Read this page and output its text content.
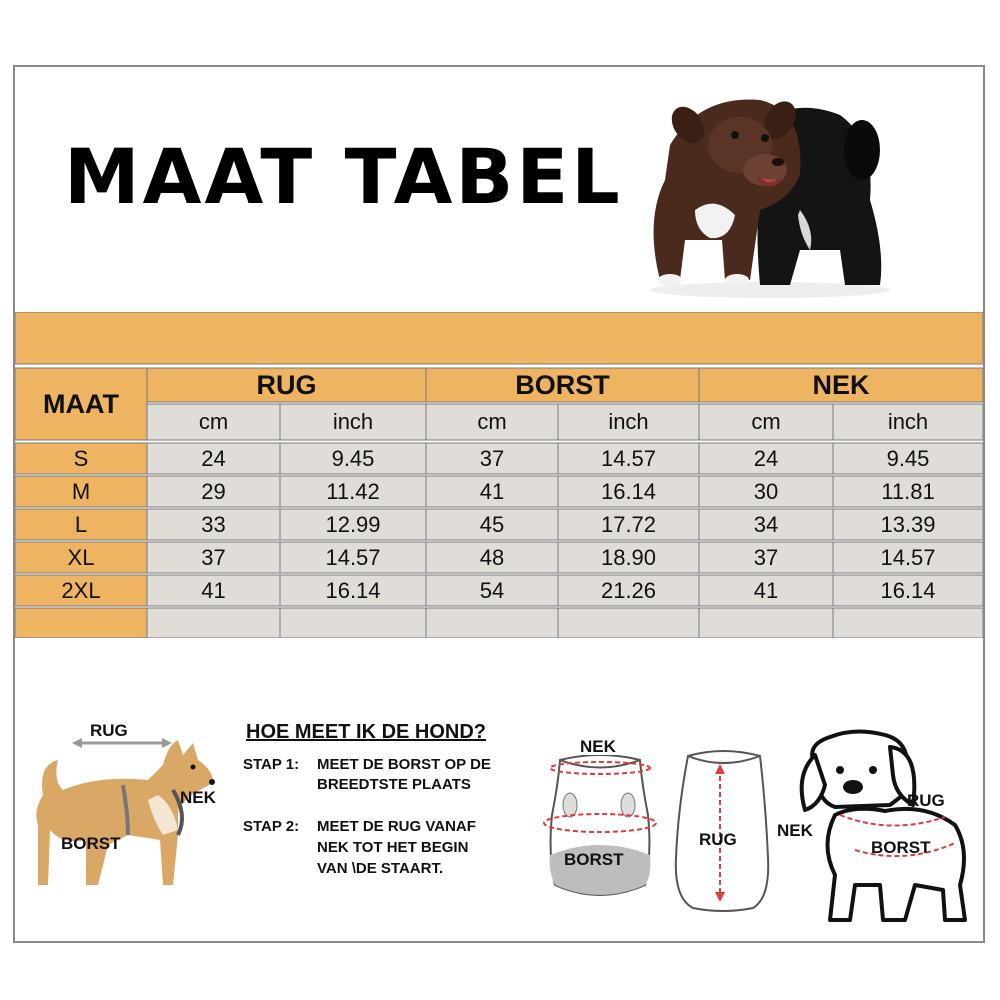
MAAT TABEL
MAAT
RUG	BORST	NEK
cm	inch	cm	inch	cm	inch
S	24	9.45	37	14.57	24	9.45
M	29	11.42	41	16.14	30	11.81
L	33	12.99	45	17.72	34	13.39
XL	37	14.57	48	18.90	37	14.57
2XL	41	16.14	54	21.26	41	16.14
HOE MEET IK DE HOND?
STAP 1: MEET DE BORST OP DE
BREEDTSTE PLAATS
STAP 2: MEET DE RUG VANAF
NEK TOT HET BEGIN
VAN \DE STAART.
RUG
NEK
BORST
NEK
BORST
RUG
RUG
NEK
BORST
